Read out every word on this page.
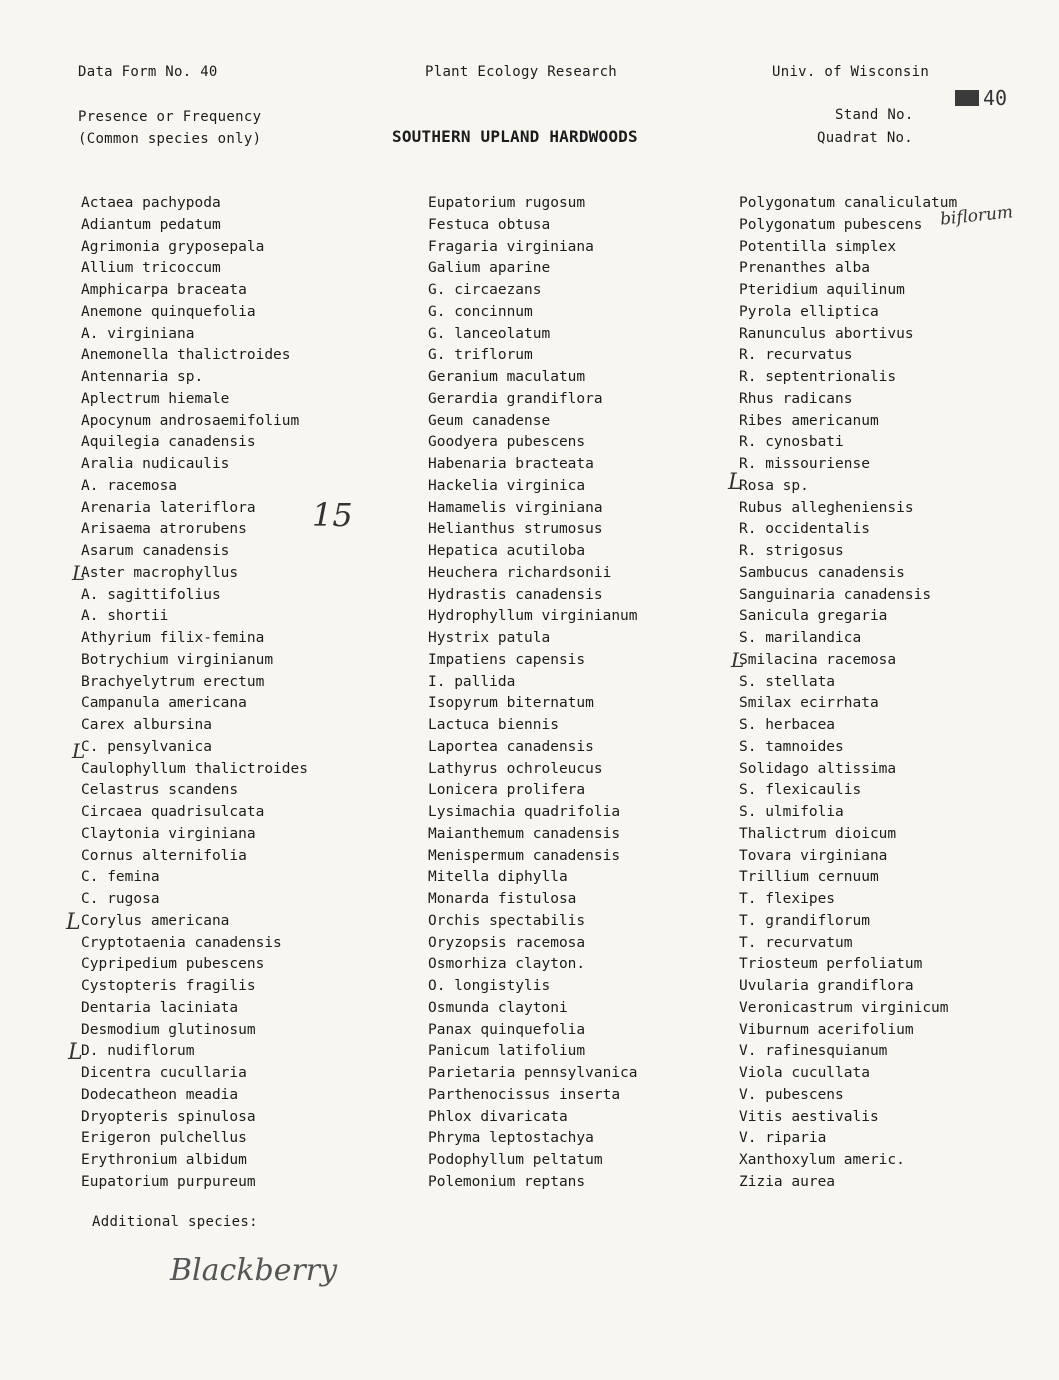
Data Form No. 40	Plant Ecology Research	Univ. of Wisconsin
Presence or Frequency
(Common species only)	SOUTHERN UPLAND HARDWOODS
Stand No.
Quadrat No.
40
Actaea pachypoda
Adiantum pedatum
Agrimonia gryposepala
Allium tricoccum
Amphicarpa braceata
Anemone quinquefolia
A. virginiana
Anemonella thalictroides
Antennaria sp.
Aplectrum hiemale
Apocynum androsaemifolium
Aquilegia canadensis
Aralia nudicaulis
A. racemosa
Arenaria lateriflora
Arisaema atrorubens
Asarum canadensis
Aster macrophyllus
A. sagittifolius
A. shortii
Athyrium filix-femina
Botrychium virginianum
Brachyelytrum erectum
Campanula americana
Carex albursina
C. pensylvanica
Caulophyllum thalictroides
Celastrus scandens
Circaea quadrisulcata
Claytonia virginiana
Cornus alternifolia
C. femina
C. rugosa
Corylus americana
Cryptotaenia canadensis
Cypripedium pubescens
Cystopteris fragilis
Dentaria laciniata
Desmodium glutinosum
D. nudiflorum
Dicentra cucullaria
Dodecatheon meadia
Dryopteris spinulosa
Erigeron pulchellus
Erythronium albidum
Eupatorium purpureum
Eupatorium rugosum
Festuca obtusa
Fragaria virginiana
Galium aparine
G. circaezans
G. concinnum
G. lanceolatum
G. triflorum
Geranium maculatum
Gerardia grandiflora
Geum canadense
Goodyera pubescens
Habenaria bracteata
Hackelia virginica
Hamamelis virginiana
Helianthus strumosus
Hepatica acutiloba
Heuchera richardsonii
Hydrastis canadensis
Hydrophyllum virginianum
Hystrix patula
Impatiens capensis
I. pallida
Isopyrum biternatum
Lactuca biennis
Laportea canadensis
Lathyrus ochroleucus
Lonicera prolifera
Lysimachia quadrifolia
Maianthemum canadensis
Menispermum canadensis
Mitella diphylla
Monarda fistulosa
Orchis spectabilis
Oryzopsis racemosa
Osmorhiza clayton.
O. longistylis
Osmunda claytoni
Panax quinquefolia
Panicum latifolium
Parietaria pennsylvanica
Parthenocissus inserta
Phlox divaricata
Phryma leptostachya
Podophyllum peltatum
Polemonium reptans
Polygonatum canaliculatum
Polygonatum pubescens
Potentilla simplex
Prenanthes alba
Pteridium aquilinum
Pyrola elliptica
Ranunculus abortivus
R. recurvatus
R. septentrionalis
Rhus radicans
Ribes americanum
R. cynosbati
R. missouriense
Rosa sp.
Rubus allegheniensis
R. occidentalis
R. strigosus
Sambucus canadensis
Sanguinaria canadensis
Sanicula gregaria
S. marilandica
Smilacina racemosa
S. stellata
Smilax ecirrhata
S. herbacea
S. tamnoides
Solidago altissima
S. flexicaulis
S. ulmifolia
Thalictrum dioicum
Tovara virginiana
Trillium cernuum
T. flexipes
T. grandiflorum
T. recurvatum
Triosteum perfoliatum
Uvularia grandiflora
Veronicastrum virginicum
Viburnum acerifolium
V. rafinesquianum
Viola cucullata
V. pubescens
Vitis aestivalis
V. riparia
Xanthoxylum americ.
Zizia aurea
15
biflorum
L
L
L
L
L
L
Additional species:
Blackberry
